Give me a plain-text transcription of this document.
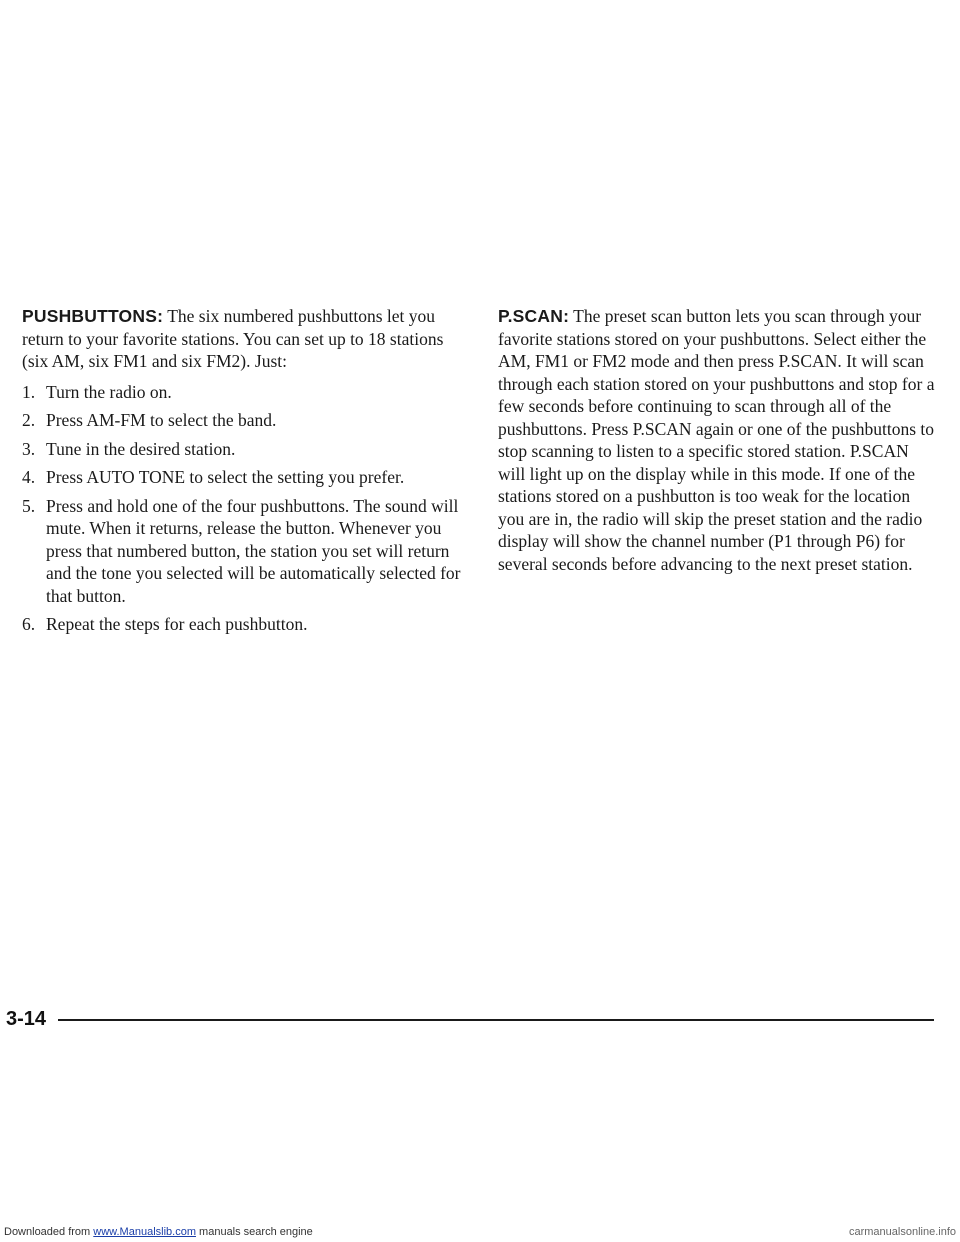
PUSHBUTTONS: The six numbered pushbuttons let you return to your favorite stations. You can set up to 18 stations (six AM, six FM1 and six FM2). Just:

1. Turn the radio on.
2. Press AM-FM to select the band.
3. Tune in the desired station.
4. Press AUTO TONE to select the setting you prefer.
5. Press and hold one of the four pushbuttons. The sound will mute. When it returns, release the button. Whenever you press that numbered button, the station you set will return and the tone you selected will be automatically selected for that button.
6. Repeat the steps for each pushbutton.

P.SCAN: The preset scan button lets you scan through your favorite stations stored on your pushbuttons. Select either the AM, FM1 or FM2 mode and then press P.SCAN. It will scan through each station stored on your pushbuttons and stop for a few seconds before continuing to scan through all of the pushbuttons. Press P.SCAN again or one of the pushbuttons to stop scanning to listen to a specific stored station. P.SCAN will light up on the display while in this mode. If one of the stations stored on a pushbutton is too weak for the location you are in, the radio will skip the preset station and the radio display will show the channel number (P1 through P6) for several seconds before advancing to the next preset station.

3-14
Downloaded from www.Manualslib.com manuals search engine	carmanualsonline.info
